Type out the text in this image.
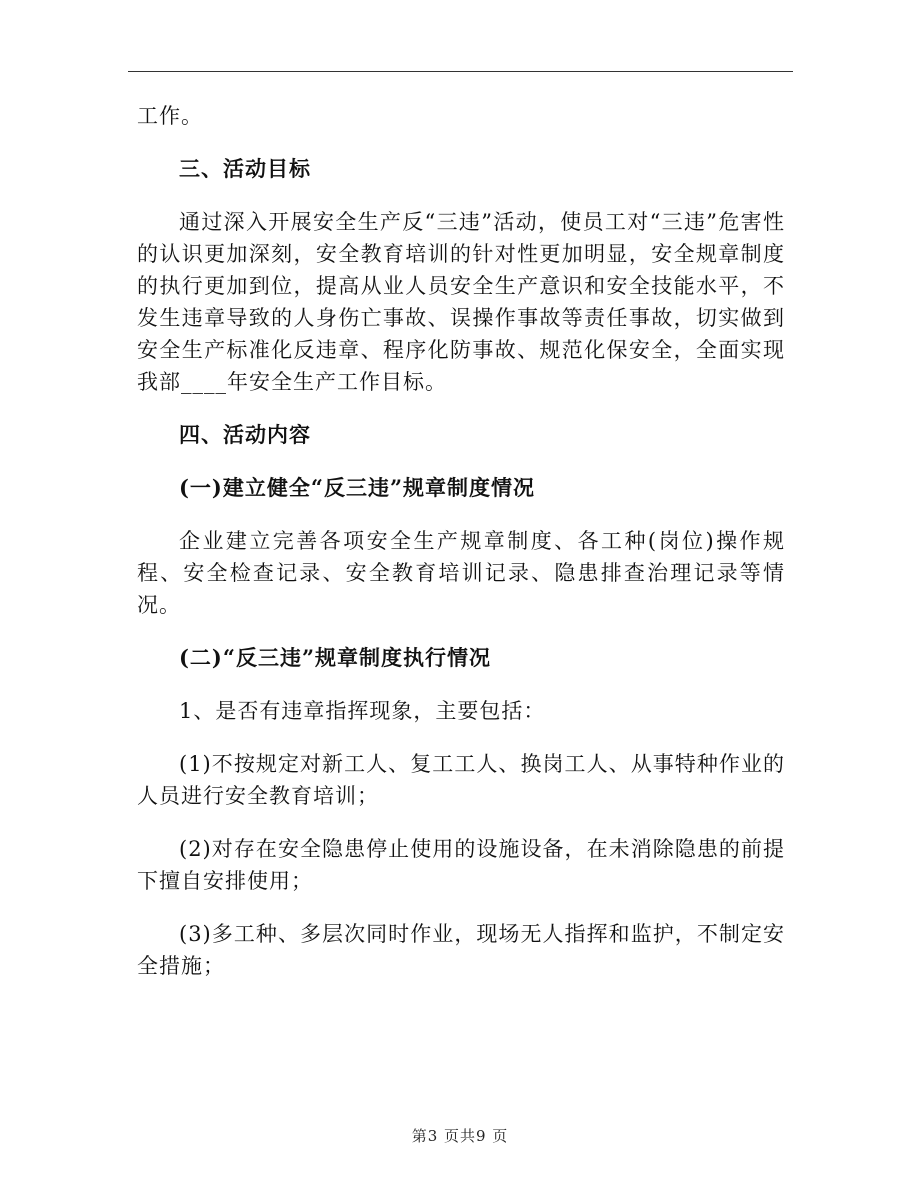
工作。

三、活动目标

通过深入开展安全生产反“三违”活动，使员工对“三违”危害性的认识更加深刻，安全教育培训的针对性更加明显，安全规章制度的执行更加到位，提高从业人员安全生产意识和安全技能水平，不发生违章导致的人身伤亡事故、误操作事故等责任事故，切实做到安全生产标准化反违章、程序化防事故、规范化保安全，全面实现我部____年安全生产工作目标。

四、活动内容

(一)建立健全“反三违”规章制度情况

企业建立完善各项安全生产规章制度、各工种(岗位)操作规程、安全检查记录、安全教育培训记录、隐患排查治理记录等情况。

(二)“反三违”规章制度执行情况

1、是否有违章指挥现象，主要包括：

(1)不按规定对新工人、复工工人、换岗工人、从事特种作业的人员进行安全教育培训；

(2)对存在安全隐患停止使用的设施设备，在未消除隐患的前提下擅自安排使用；

(3)多工种、多层次同时作业，现场无人指挥和监护，不制定安全措施；

第3 页共9 页
